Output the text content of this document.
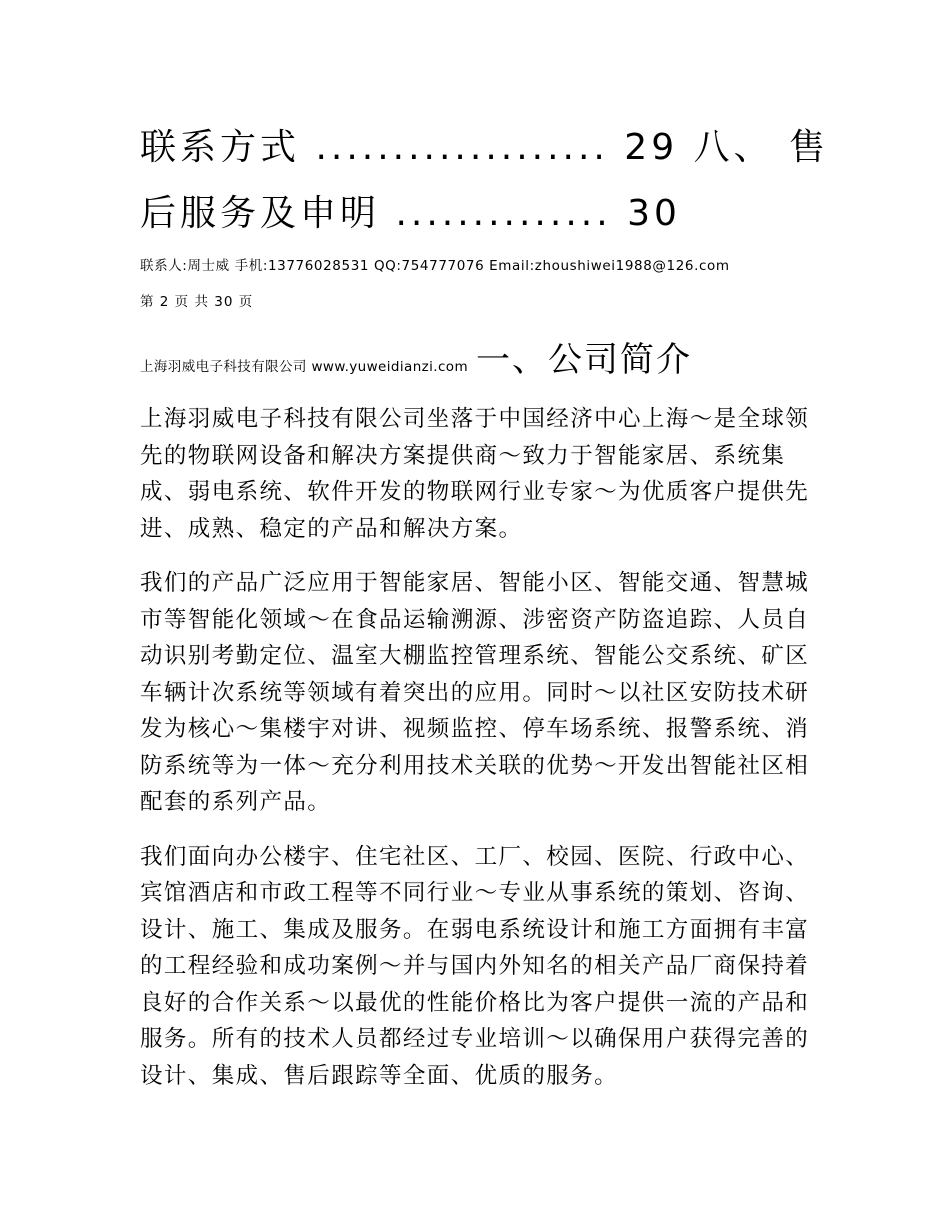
联系方式 ................... 29 八、 售

后服务及申明 .............. 30

联系人:周士威 手机:13776028531 QQ:754777076 Email:zhoushiwei1988@126.com
第 2 页 共 30 页
上海羽威电子科技有限公司 www.yuweidianzi.com 一、公司简介

上海羽威电子科技有限公司坐落于中国经济中心上海～是全球领先的物联网设备和解决方案提供商～致力于智能家居、系统集成、弱电系统、软件开发的物联网行业专家～为优质客户提供先进、成熟、稳定的产品和解决方案。

我们的产品广泛应用于智能家居、智能小区、智能交通、智慧城市等智能化领域～在食品运输溯源、涉密资产防盗追踪、人员自动识别考勤定位、温室大棚监控管理系统、智能公交系统、矿区车辆计次系统等领域有着突出的应用。同时～以社区安防技术研发为核心～集楼宇对讲、视频监控、停车场系统、报警系统、消防系统等为一体～充分利用技术关联的优势～开发出智能社区相配套的系列产品。

我们面向办公楼宇、住宅社区、工厂、校园、医院、行政中心、宾馆酒店和市政工程等不同行业～专业从事系统的策划、咨询、设计、施工、集成及服务。在弱电系统设计和施工方面拥有丰富的工程经验和成功案例～并与国内外知名的相关产品厂商保持着良好的合作关系～以最优的性能价格比为客户提供一流的产品和服务。所有的技术人员都经过专业培训～以确保用户获得完善的设计、集成、售后跟踪等全面、优质的服务。
